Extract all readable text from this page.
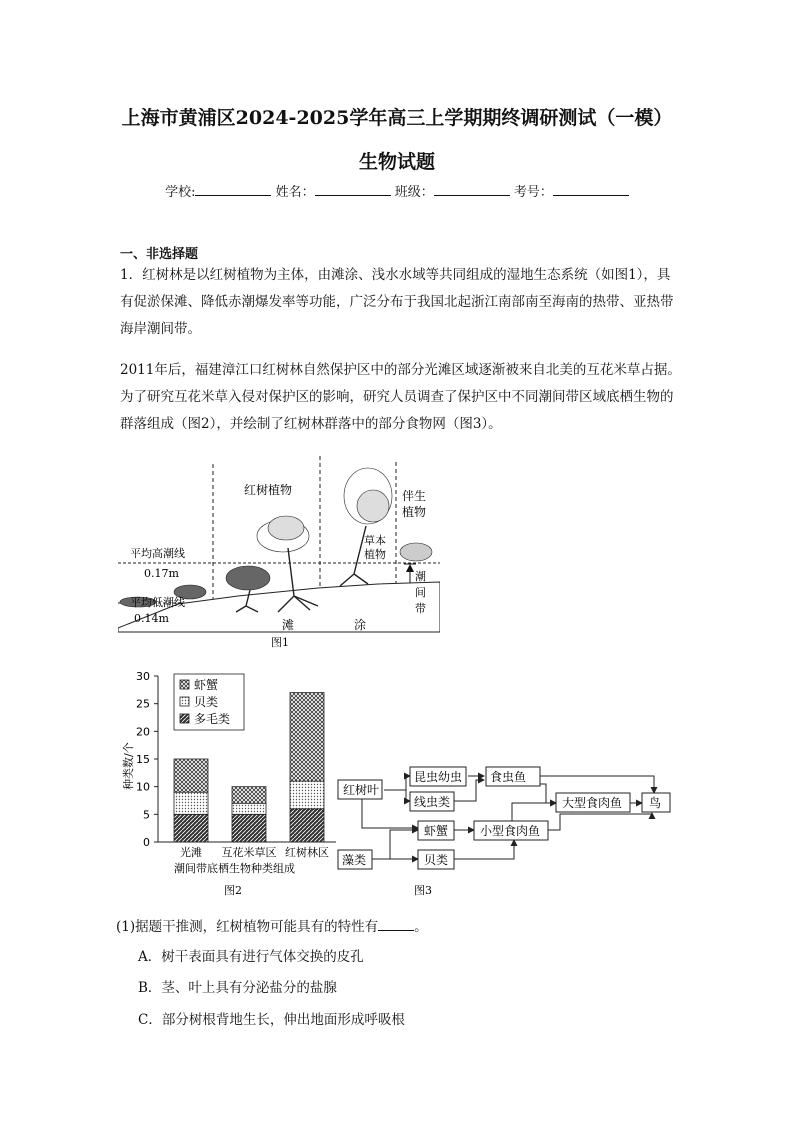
上海市黄浦区2024-2025学年高三上学期期终调研测试（一模）
生物试题
学校:	姓名：	班级：	考号：
一、非选择题
1．红树林是以红树植物为主体，由滩涂、浅水水域等共同组成的湿地生态系统（如图1），具有促淤保滩、降低赤潮爆发率等功能，广泛分布于我国北起浙江南部南至海南的热带、亚热带海岸潮间带。
2011年后，福建漳江口红树林自然保护区中的部分光滩区域逐渐被来自北美的互花米草占据。为了研究互花米草入侵对保护区的影响，研究人员调查了保护区中不同潮间带区域底栖生物的群落组成（图2），并绘制了红树林群落中的部分食物网（图3）。
红树植物	伴生 植物
草本植物
平均高潮线
0.17m
平均低潮线
0.14m
潮间带
滩	涂
图1
0
5
10
15
20
25
30
光滩 互花米草区 红树林区
虾蟹
贝类
多毛类
种类数/个
潮间带底栖生物种类组成
图2
红树叶
昆虫幼虫
线虫类
食虫鱼
大型食肉鱼 鸟
虾蟹	小型食肉鱼
藻类	贝类
图3
(1)据题干推测，红树植物可能具有的特性有	。
A．树干表面具有进行气体交换的皮孔
B．茎、叶上具有分泌盐分的盐腺
C．部分树根背地生长，伸出地面形成呼吸根
